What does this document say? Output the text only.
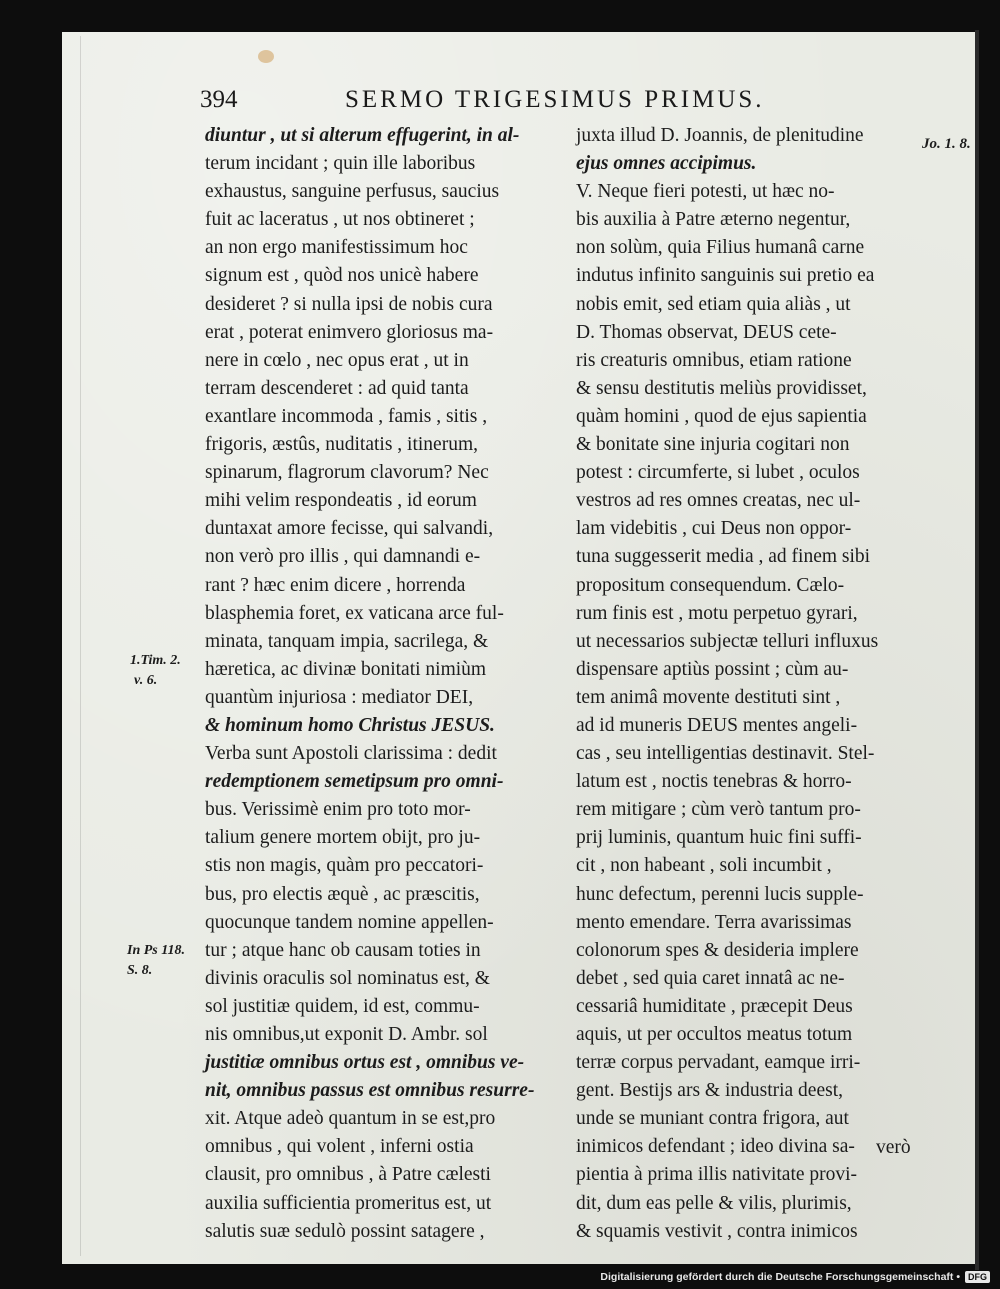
394	SERMO TRIGESIMUS PRIMUS.
diuntur , ut si alterum effugerint, in al-
terum incidant ; quin ille laboribus
exhaustus, sanguine perfusus, saucius
fuit ac laceratus , ut nos obtineret ;
an non ergo manifestissimum hoc
signum est , quòd nos unicè habere
desideret ? si nulla ipsi de nobis cura
erat , poterat enimvero gloriosus ma-
nere in cœlo , nec opus erat , ut in
terram descenderet : ad quid tanta
exantlare incommoda , famis , sitis ,
frigoris, æstûs, nuditatis , itinerum,
spinarum, flagrorum clavorum? Nec
mihi velim respondeatis , id eorum
duntaxat amore fecisse, qui salvandi,
non verò pro illis , qui damnandi e-
rant ? hæc enim dicere , horrenda
blasphemia foret, ex vaticana arce ful-
minata, tanquam impia, sacrilega, &
hæretica, ac divinæ bonitati nimiùm
quantùm injuriosa : mediator DEI,
& hominum homo Christus JESUS.
Verba sunt Apostoli clarissima : dedit
redemptionem semetipsum pro omni-
bus. Verissimè enim pro toto mor-
talium genere mortem obijt, pro ju-
stis non magis, quàm pro peccatori-
bus, pro electis æquè , ac præscitis,
quocunque tandem nomine appellen-
tur ; atque hanc ob causam toties in
divinis oraculis sol nominatus est, &
sol justitiæ quidem, id est, commu-
nis omnibus,ut exponit D. Ambr. sol
justitiæ omnibus ortus est , omnibus ve-
nit, omnibus passus est omnibus resurre-
xit. Atque adeò quantum in se est,pro
omnibus , qui volent , inferni ostia
clausit, pro omnibus , à Patre cælesti
auxilia sufficientia promeritus est, ut
salutis suæ sedulò possint satagere ,
juxta illud D. Joannis, de plenitudine
ejus omnes accipimus.
V. Neque fieri potesti, ut hæc no-
bis auxilia à Patre æterno negentur,
non solùm, quia Filius humanâ carne
indutus infinito sanguinis sui pretio ea
nobis emit, sed etiam quia aliàs , ut
D. Thomas observat, DEUS cete-
ris creaturis omnibus, etiam ratione
& sensu destitutis meliùs providisset,
quàm homini , quod de ejus sapientia
& bonitate sine injuria cogitari non
potest : circumferte, si lubet , oculos
vestros ad res omnes creatas, nec ul-
lam videbitis , cui Deus non oppor-
tuna suggesserit media , ad finem sibi
propositum consequendum. Cælo-
rum finis est , motu perpetuo gyrari,
ut necessarios subjectæ telluri influxus
dispensare aptiùs possint ; cùm au-
tem animâ movente destituti sint ,
ad id muneris DEUS mentes angeli-
cas , seu intelligentias destinavit. Stel-
latum est , noctis tenebras & horro-
rem mitigare ; cùm verò tantum pro-
prij luminis, quantum huic fini suffi-
cit , non habeant , soli incumbit ,
hunc defectum, perenni lucis supple-
mento emendare. Terra avarissimas
colonorum spes & desideria implere
debet , sed quia caret innatâ ac ne-
cessariâ humiditate , præcepit Deus
aquis, ut per occultos meatus totum
terræ corpus pervadant, eamque irri-
gent. Bestijs ars & industria deest,
unde se muniant contra frigora, aut
inimicos defendant ; ideo divina sa-
pientia à prima illis nativitate provi-
dit, dum eas pelle & vilis, plurimis,
& squamis vestivit , contra inimicos
1.Tim. 2.
v. 6.
In Ps 118.
S. 8.
Jo. 1. 8.
verò
Digitalisierung gefördert durch die Deutsche Forschungsgemeinschaft • DFG
